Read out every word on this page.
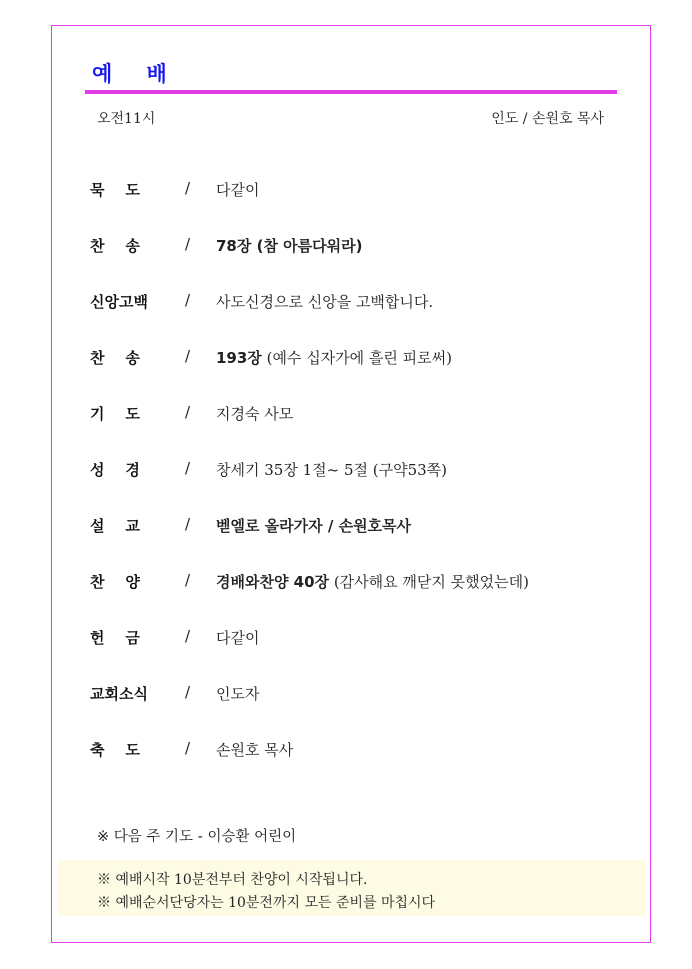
예    배
오전11시	인도 / 손원호 목사
묵    도	/ 다같이
찬    송	/ 78장 (참 아름다워라)
신앙고백 / 사도신경으로 신앙을 고백합니다.
찬    송	/ 193장 (예수 십자가에 흘린 피로써)
기    도	/ 지경숙 사모
성    경	/ 창세기 35장 1절~ 5절 (구약53쪽)
설    교	/ 벧엘로 올라가자 / 손원호목사
찬    양	/ 경배와찬양 40장 (감사해요 깨닫지 못했었는데)
헌    금	/ 다같이
교회소식 / 인도자
축    도	/ 손원호 목사
※ 다음 주 기도 - 이승환 어린이
※ 예배시작 10분전부터 찬양이 시작됩니다.
※ 예배순서단당자는 10분전까지 모든 준비를 마칩시다
